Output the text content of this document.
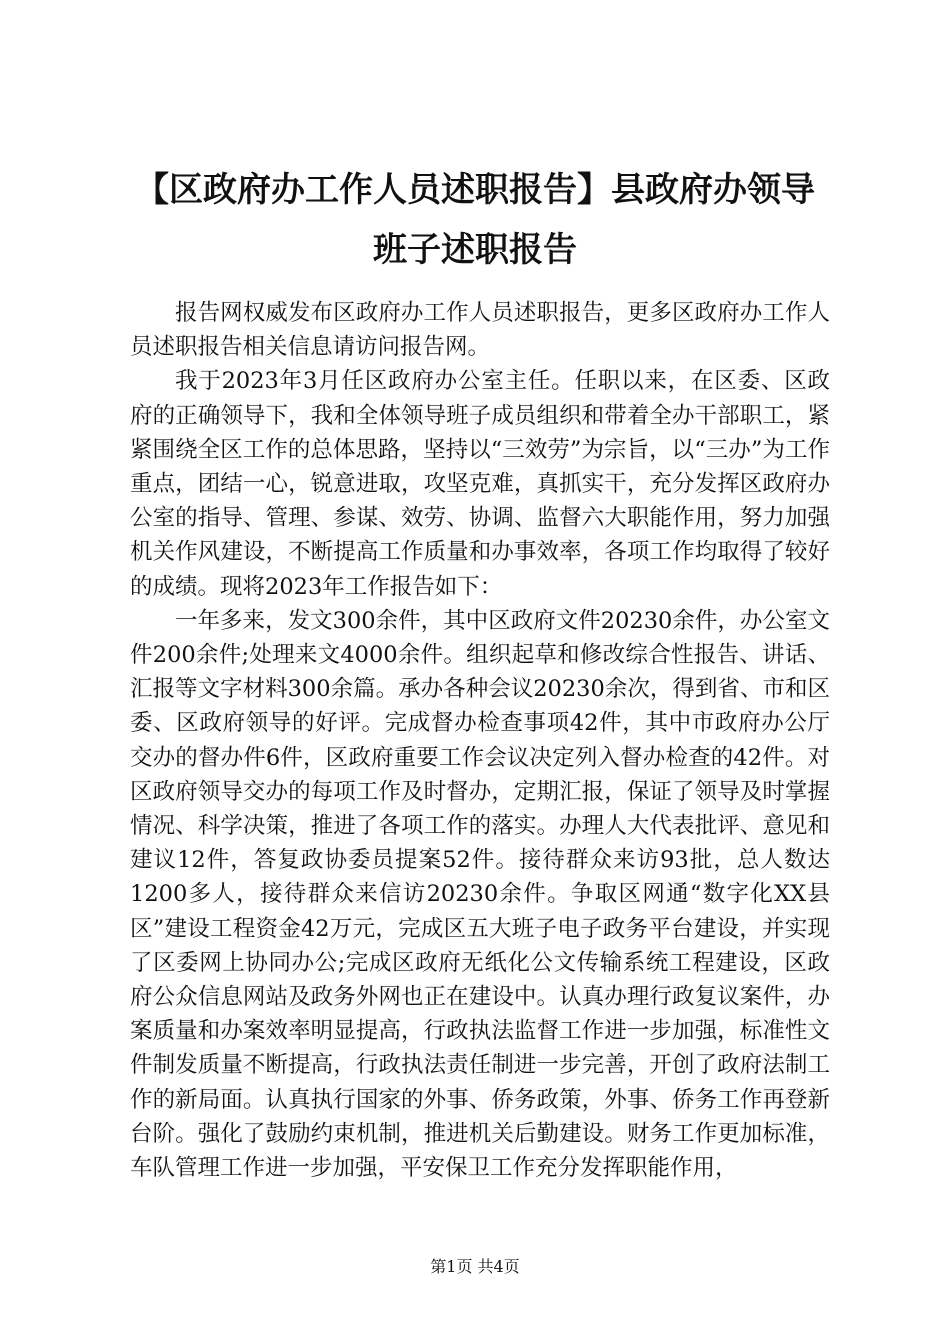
【区政府办工作人员述职报告】县政府办领导
班子述职报告

报告网权威发布区政府办工作人员述职报告，更多区政府办工作人员述职报告相关信息请访问报告网。

我于2023年3月任区政府办公室主任。任职以来，在区委、区政府的正确领导下，我和全体领导班子成员组织和带着全办干部职工，紧紧围绕全区工作的总体思路，坚持以“三效劳”为宗旨，以“三办”为工作重点，团结一心，锐意进取，攻坚克难，真抓实干，充分发挥区政府办公室的指导、管理、参谋、效劳、协调、监督六大职能作用，努力加强机关作风建设，不断提高工作质量和办事效率，各项工作均取得了较好的成绩。现将2023年工作报告如下：

一年多来，发文300余件，其中区政府文件20230余件，办公室文件200余件;处理来文4000余件。组织起草和修改综合性报告、讲话、汇报等文字材料300余篇。承办各种会议20230余次，得到省、市和区委、区政府领导的好评。完成督办检查事项42件，其中市政府办公厅交办的督办件6件，区政府重要工作会议决定列入督办检查的42件。对区政府领导交办的每项工作及时督办，定期汇报，保证了领导及时掌握情况、科学决策，推进了各项工作的落实。办理人大代表批评、意见和建议12件，答复政协委员提案52件。接待群众来访93批，总人数达1200多人，接待群众来信访20230余件。争取区网通“数字化XX县区”建设工程资金42万元，完成区五大班子电子政务平台建设，并实现了区委网上协同办公;完成区政府无纸化公文传输系统工程建设，区政府公众信息网站及政务外网也正在建设中。认真办理行政复议案件，办案质量和办案效率明显提高，行政执法监督工作进一步加强，标准性文件制发质量不断提高，行政执法责任制进一步完善，开创了政府法制工作的新局面。认真执行国家的外事、侨务政策，外事、侨务工作再登新台阶。强化了鼓励约束机制，推进机关后勤建设。财务工作更加标准，车队管理工作进一步加强，平安保卫工作充分发挥职能作用，

第1页 共4页
